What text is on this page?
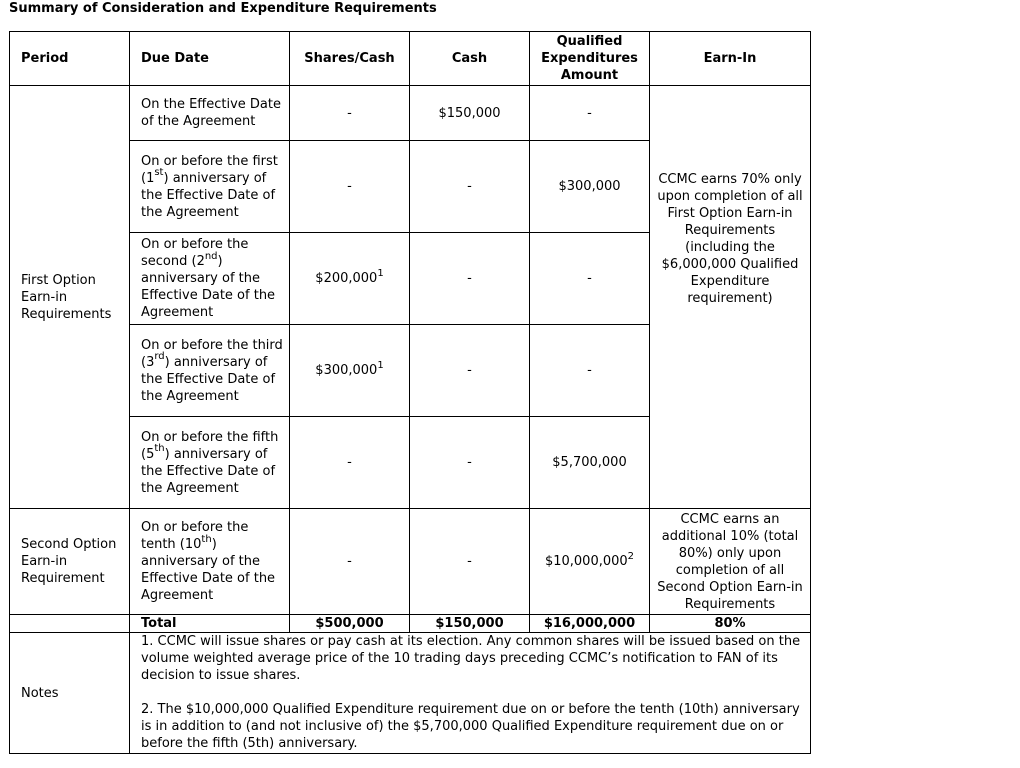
Summary of Consideration and Expenditure Requirements
Period	Due Date	Shares/Cash	Cash	Qualified Expenditures Amount	Earn-In
First Option Earn-in Requirements	On the Effective Date of the Agreement	-	$150,000	-	CCMC earns 70% only upon completion of all First Option Earn-in Requirements (including the $6,000,000 Qualified Expenditure requirement)
	On or before the first (1st) anniversary of the Effective Date of the Agreement	-	-	$300,000	
	On or before the second (2nd) anniversary of the Effective Date of the Agreement	$200,000$^1$	-	-	
	On or before the third (3rd) anniversary of the Effective Date of the Agreement	$300,000$^1$	-	-	
	On or before the fifth (5th) anniversary of the Effective Date of the Agreement	-	-	$5,700,000	
Second Option Earn-in Requirement	On or before the tenth (10th) anniversary of the Effective Date of the Agreement	-	-	$10,000,000$^2$	CCMC earns an additional 10% (total 80%) only upon completion of all Second Option Earn-in Requirements
	Total	$500,000	$150,000	$16,000,000	80%
Notes	1. CCMC will issue shares or pay cash at its election. Any common shares will be issued based on the volume weighted average price of the 10 trading days preceding CCMC’s notification to FAN of its decision to issue shares.

2. The $10,000,000 Qualified Expenditure requirement due on or before the tenth (10th) anniversary is in addition to (and not inclusive of) the $5,700,000 Qualified Expenditure requirement due on or before the fifth (5th) anniversary.				
